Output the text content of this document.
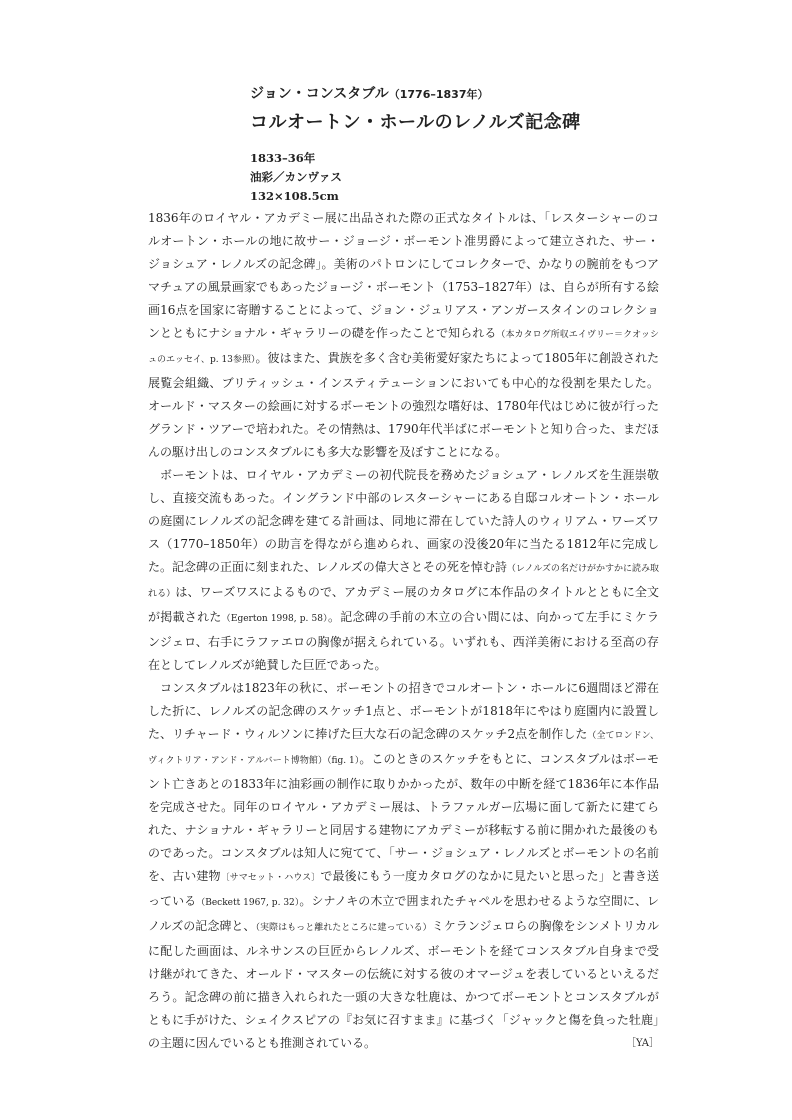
ジョン・コンスタブル（1776–1837年）

コルオートン・ホールのレノルズ記念碑
1833–36年
油彩／カンヴァス
132×108.5cm

1836年のロイヤル・アカデミー展に出品された際の正式なタイトルは、「レスターシャーのコルオートン・ホールの地に故サー・ジョージ・ボーモント准男爵によって建立された、サー・ジョシュア・レノルズの記念碑」。美術のパトロンにしてコレクターで、かなりの腕前をもつアマチュアの風景画家でもあったジョージ・ボーモント（1753–1827年）は、自らが所有する絵画16点を国家に寄贈することによって、ジョン・ジュリアス・アンガースタインのコレクションとともにナショナル・ギャラリーの礎を作ったことで知られる（本カタログ所収エイヴリー＝クオッシュのエッセイ、p. 13参照）。彼はまた、貴族を多く含む美術愛好家たちによって1805年に創設された展覧会組織、ブリティッシュ・インスティテューションにおいても中心的な役割を果たした。オールド・マスターの絵画に対するボーモントの強烈な嗜好は、1780年代はじめに彼が行ったグランド・ツアーで培われた。その情熱は、1790年代半ばにボーモントと知り合った、まだほんの駆け出しのコンスタブルにも多大な影響を及ぼすことになる。

ボーモントは、ロイヤル・アカデミーの初代院長を務めたジョシュア・レノルズを生涯崇敬し、直接交流もあった。イングランド中部のレスターシャーにある自邸コルオートン・ホールの庭園にレノルズの記念碑を建てる計画は、同地に滞在していた詩人のウィリアム・ワーズワス（1770–1850年）の助言を得ながら進められ、画家の没後20年に当たる1812年に完成した。記念碑の正面に刻まれた、レノルズの偉大さとその死を悼む詩（レノルズの名だけがかすかに読み取れる）は、ワーズワスによるもので、アカデミー展のカタログに本作品のタイトルとともに全文が掲載された（Egerton 1998, p. 58）。記念碑の手前の木立の合い間には、向かって左手にミケランジェロ、右手にラファエロの胸像が据えられている。いずれも、西洋美術における至高の存在としてレノルズが絶賛した巨匠であった。

コンスタブルは1823年の秋に、ボーモントの招きでコルオートン・ホールに6週間ほど滞在した折に、レノルズの記念碑のスケッチ1点と、ボーモントが1818年にやはり庭園内に設置した、リチャード・ウィルソンに捧げた巨大な石の記念碑のスケッチ2点を制作した（全てロンドン、ヴィクトリア・アンド・アルバート博物館）（fig. 1）。このときのスケッチをもとに、コンスタブルはボーモント亡きあとの1833年に油彩画の制作に取りかかったが、数年の中断を経て1836年に本作品を完成させた。同年のロイヤル・アカデミー展は、トラファルガー広場に面して新たに建てられた、ナショナル・ギャラリーと同居する建物にアカデミーが移転する前に開かれた最後のものであった。コンスタブルは知人に宛てて、「サー・ジョシュア・レノルズとボーモントの名前を、古い建物〔サマセット・ハウス〕で最後にもう一度カタログのなかに見たいと思った」と書き送っている（Beckett 1967, p. 32）。シナノキの木立で囲まれたチャペルを思わせるような空間に、レノルズの記念碑と、（実際はもっと離れたところに建っている）ミケランジェロらの胸像をシンメトリカルに配した画面は、ルネサンスの巨匠からレノルズ、ボーモントを経てコンスタブル自身まで受け継がれてきた、オールド・マスターの伝統に対する彼のオマージュを表しているといえるだろう。記念碑の前に描き入れられた一頭の大きな牡鹿は、かつてボーモントとコンスタブルがともに手がけた、シェイクスピアの『お気に召すまま』に基づく「ジャックと傷を負った牡鹿」の主題に因んでいるとも推測されている。	［YA］
